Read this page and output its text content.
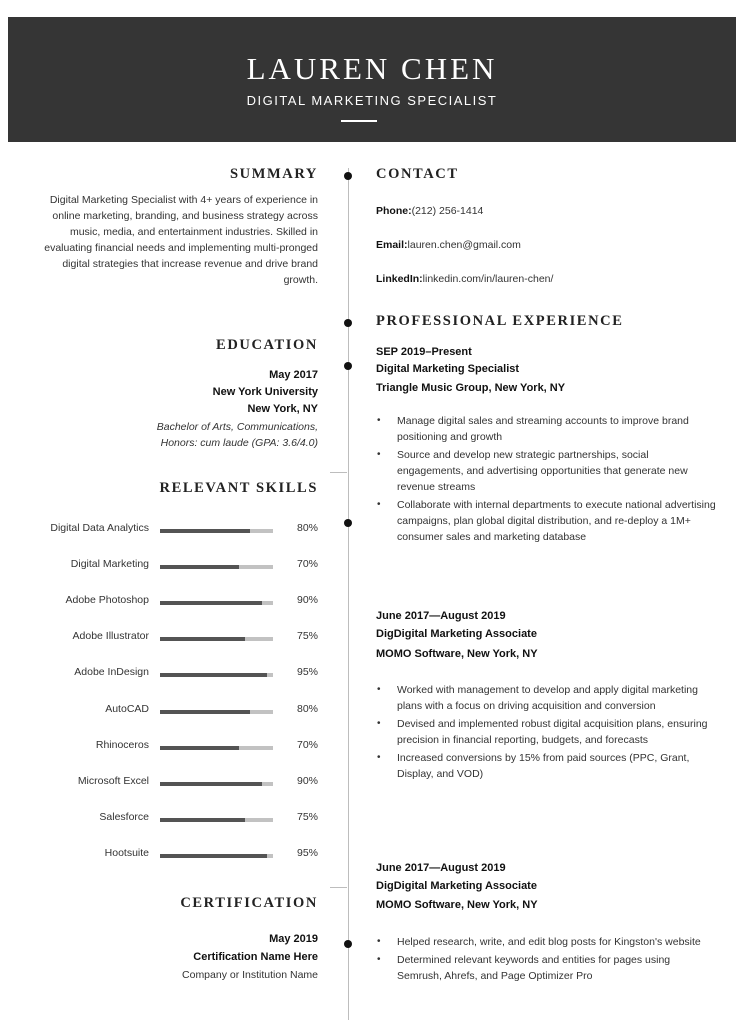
LAUREN CHEN
DIGITAL MARKETING SPECIALIST
SUMMARY
Digital Marketing Specialist with 4+ years of experience in online marketing, branding, and business strategy across music, media, and entertainment industries. Skilled in evaluating financial needs and implementing multi-pronged digital strategies that increase revenue and drive brand growth.
EDUCATION
May 2017
New York University
New York, NY
Bachelor of Arts, Communications,
Honors: cum laude (GPA: 3.6/4.0)
RELEVANT SKILLS
Digital Data Analytics	80%
Digital Marketing	70%
Adobe Photoshop	90%
Adobe Illustrator	75%
Adobe InDesign	95%
AutoCAD	80%
Rhinoceros	70%
Microsoft Excel	90%
Salesforce	75%
Hootsuite	95%
CERTIFICATION
May 2019
Certification Name Here
Company or Institution Name
CONTACT
Phone:(212) 256-1414
Email:lauren.chen@gmail.com
LinkedIn:linkedin.com/in/lauren-chen/
PROFESSIONAL EXPERIENCE
SEP 2019–Present
Digital Marketing Specialist
Triangle Music Group, New York, NY
• Manage digital sales and streaming accounts to improve brand positioning and growth
• Source and develop new strategic partnerships, social engagements, and advertising opportunities that generate new revenue streams
• Collaborate with internal departments to execute national advertising campaigns, plan global digital distribution, and re-deploy a 1M+ consumer sales and marketing database
June 2017—August 2019
DigDigital Marketing Associate
MOMO Software, New York, NY
• Worked with management to develop and apply digital marketing plans with a focus on driving acquisition and conversion
• Devised and implemented robust digital acquisition plans, ensuring precision in financial reporting, budgets, and forecasts
• Increased conversions by 15% from paid sources (PPC, Grant, Display, and VOD)
June 2017—August 2019
DigDigital Marketing Associate
MOMO Software, New York, NY
• Helped research, write, and edit blog posts for Kingston's website
• Determined relevant keywords and entities for pages using Semrush, Ahrefs, and Page Optimizer Pro
